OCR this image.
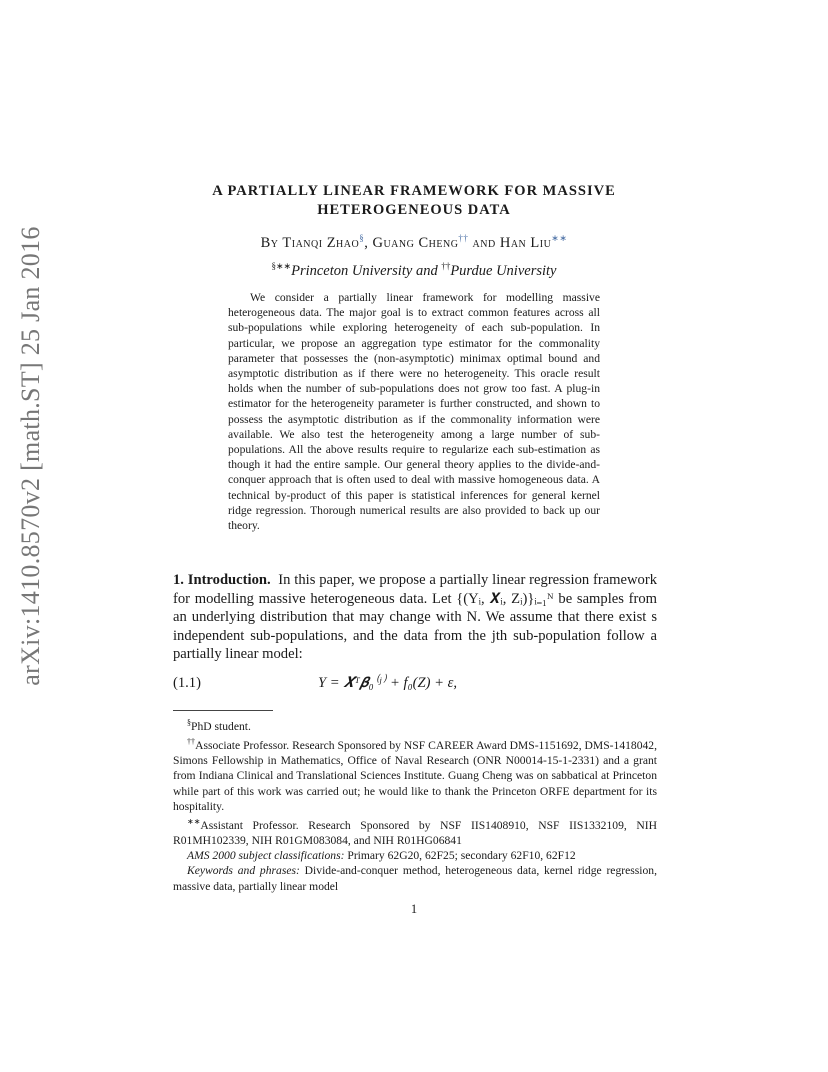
arXiv:1410.8570v2 [math.ST] 25 Jan 2016
A PARTIALLY LINEAR FRAMEWORK FOR MASSIVE HETEROGENEOUS DATA
By Tianqi Zhao§, Guang Cheng†† and Han Liu∗∗
§∗∗Princeton University and ††Purdue University

We consider a partially linear framework for modelling massive heterogeneous data. The major goal is to extract common features across all sub-populations while exploring heterogeneity of each sub-population. In particular, we propose an aggregation type estimator for the commonality parameter that possesses the (non-asymptotic) minimax optimal bound and asymptotic distribution as if there were no heterogeneity. This oracle result holds when the number of sub-populations does not grow too fast. A plug-in estimator for the heterogeneity parameter is further constructed, and shown to possess the asymptotic distribution as if the commonality information were available. We also test the heterogeneity among a large number of sub-populations. All the above results require to regularize each sub-estimation as though it had the entire sample. Our general theory applies to the divide-and-conquer approach that is often used to deal with massive homogeneous data. A technical by-product of this paper is statistical inferences for general kernel ridge regression. Thorough numerical results are also provided to back up our theory.

1. Introduction. In this paper, we propose a partially linear regression framework for modelling massive heterogeneous data. Let {(Yᵢ, 𝑿ᵢ, Zᵢ)}ᵢ₌₁ᴺ be samples from an underlying distribution that may change with N. We assume that there exist s independent sub-populations, and the data from the jth sub-population follow a partially linear model:

(1.1)	Y = 𝑿ᵀ𝜷₀⁽ʲ⁾ + f₀(Z) + ε,

§PhD student.

††Associate Professor. Research Sponsored by NSF CAREER Award DMS-1151692, DMS-1418042, Simons Fellowship in Mathematics, Office of Naval Research (ONR N00014-15-1-2331) and a grant from Indiana Clinical and Translational Sciences Institute. Guang Cheng was on sabbatical at Princeton while part of this work was carried out; he would like to thank the Princeton ORFE department for its hospitality.

∗∗Assistant Professor. Research Sponsored by NSF IIS1408910, NSF IIS1332109, NIH R01MH102339, NIH R01GM083084, and NIH R01HG06841

AMS 2000 subject classifications: Primary 62G20, 62F25; secondary 62F10, 62F12

Keywords and phrases: Divide-and-conquer method, heterogeneous data, kernel ridge regression, massive data, partially linear model

1
